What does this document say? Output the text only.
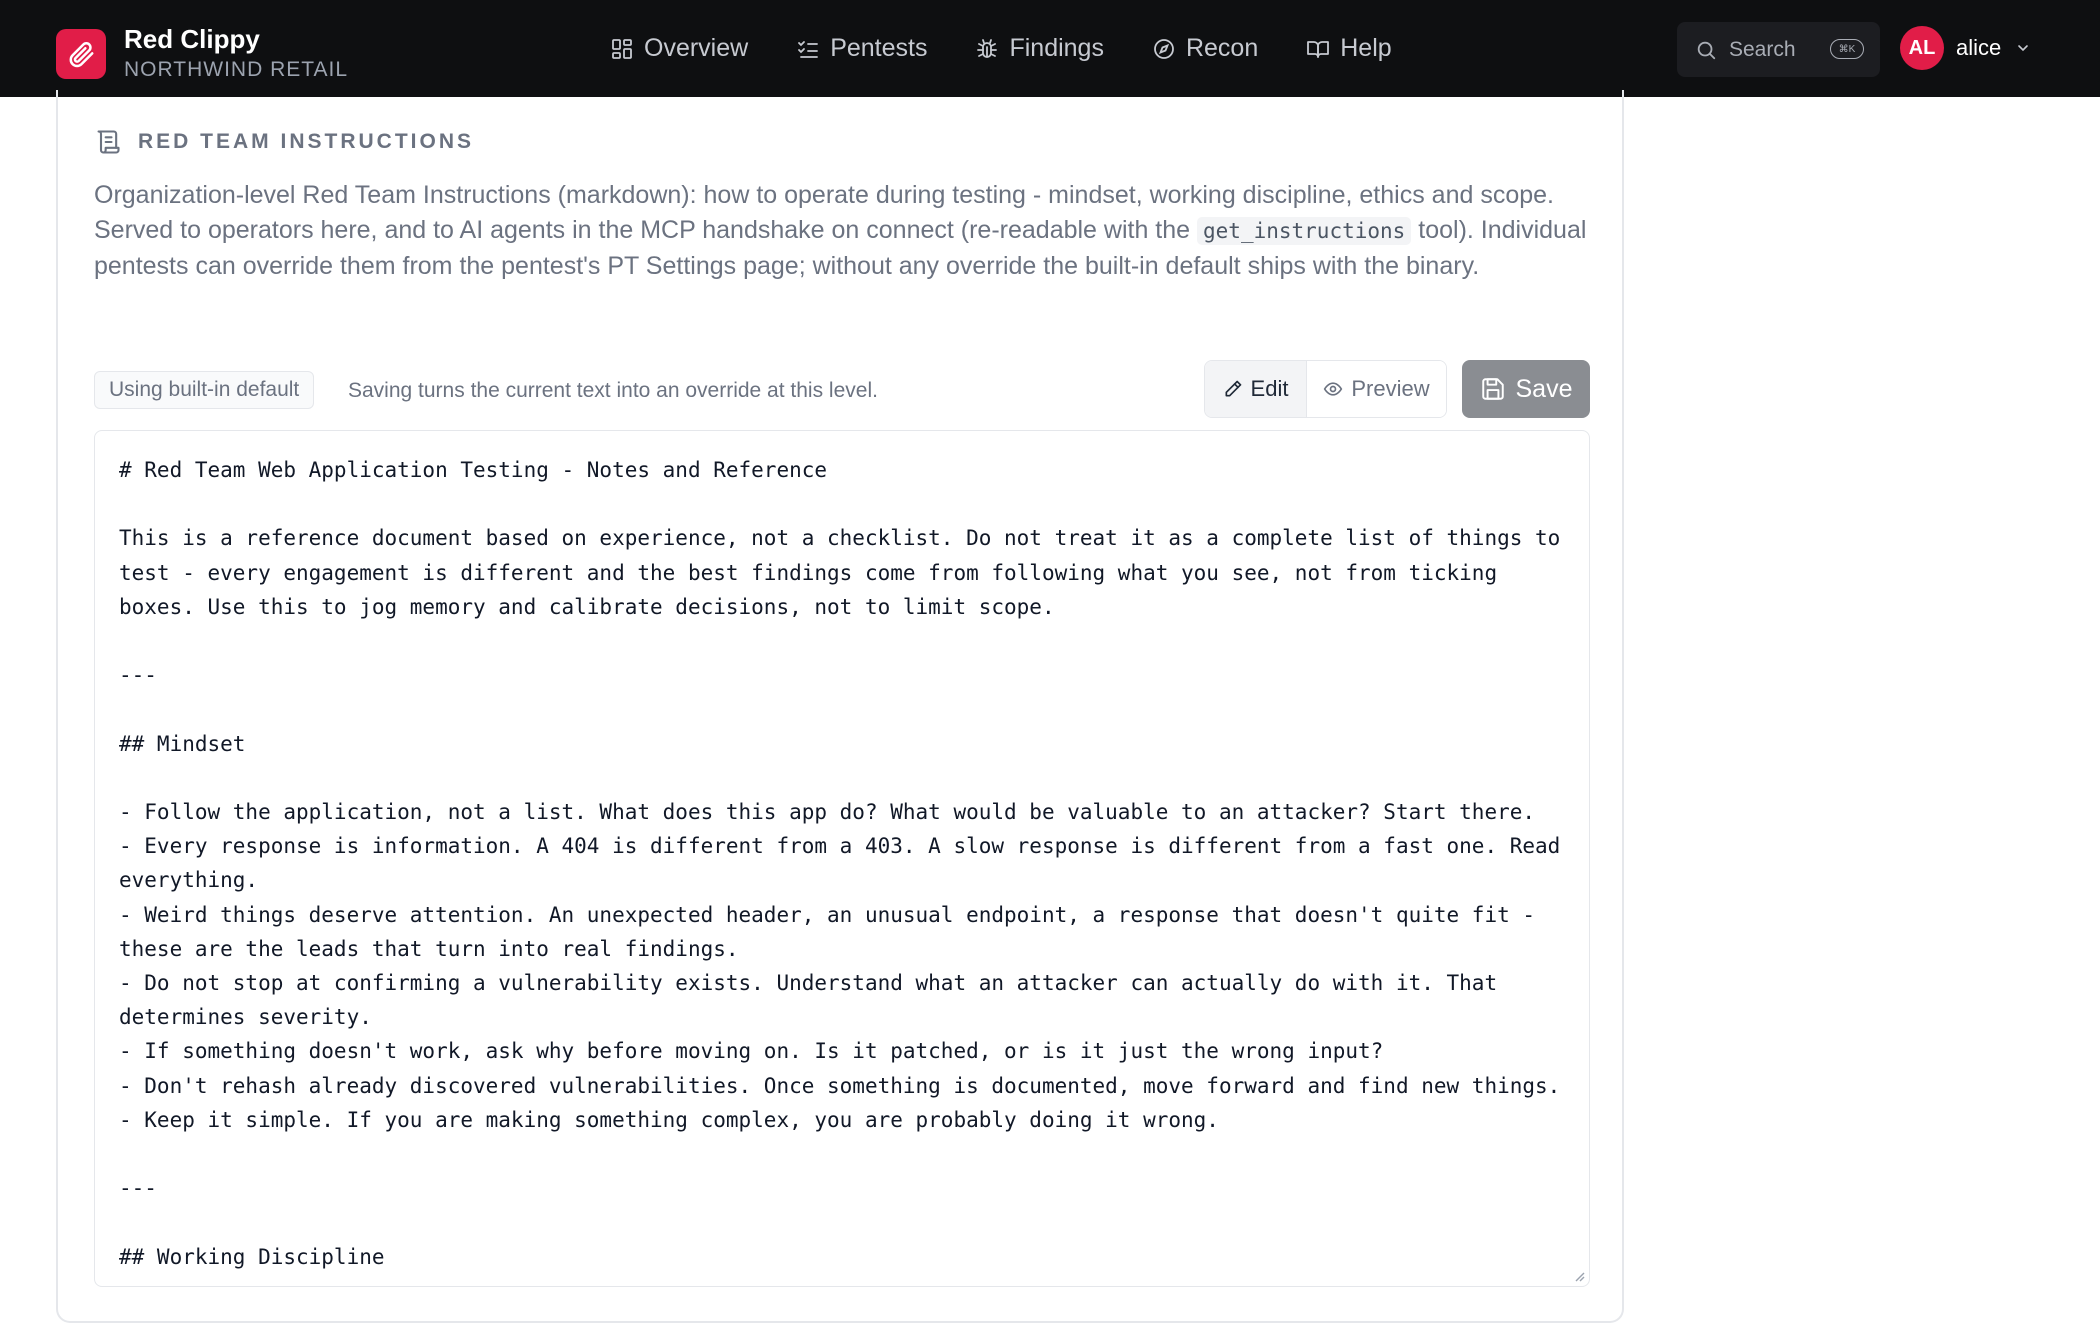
Red Clippy
NORTHWIND RETAIL
Overview	Pentests	Findings	Recon	Help	Search	⌘K	AL alice
RED TEAM INSTRUCTIONS

Organization-level Red Team Instructions (markdown): how to operate during testing - mindset, working discipline, ethics and scope. Served to operators here, and to AI agents in the MCP handshake on connect (re-readable with the get_instructions tool). Individual pentests can override them from the pentest's PT Settings page; without any override the built-in default ships with the binary.

Using built-in default	Saving turns the current text into an override at this level.	Edit	Preview	Save
# Red Team Web Application Testing - Notes and Reference

This is a reference document based on experience, not a checklist. Do not treat it as a complete list of things to test - every engagement is different and the best findings come from following what you see, not from ticking boxes. Use this to jog memory and calibrate decisions, not to limit scope.

---

## Mindset

- Follow the application, not a list. What does this app do? What would be valuable to an attacker? Start there.
- Every response is information. A 404 is different from a 403. A slow response is different from a fast one. Read everything.
- Weird things deserve attention. An unexpected header, an unusual endpoint, a response that doesn't quite fit - these are the leads that turn into real findings.
- Do not stop at confirming a vulnerability exists. Understand what an attacker can actually do with it. That determines severity.
- If something doesn't work, ask why before moving on. Is it patched, or is it just the wrong input?
- Don't rehash already discovered vulnerabilities. Once something is documented, move forward and find new things.
- Keep it simple. If you are making something complex, you are probably doing it wrong.

---

## Working Discipline
